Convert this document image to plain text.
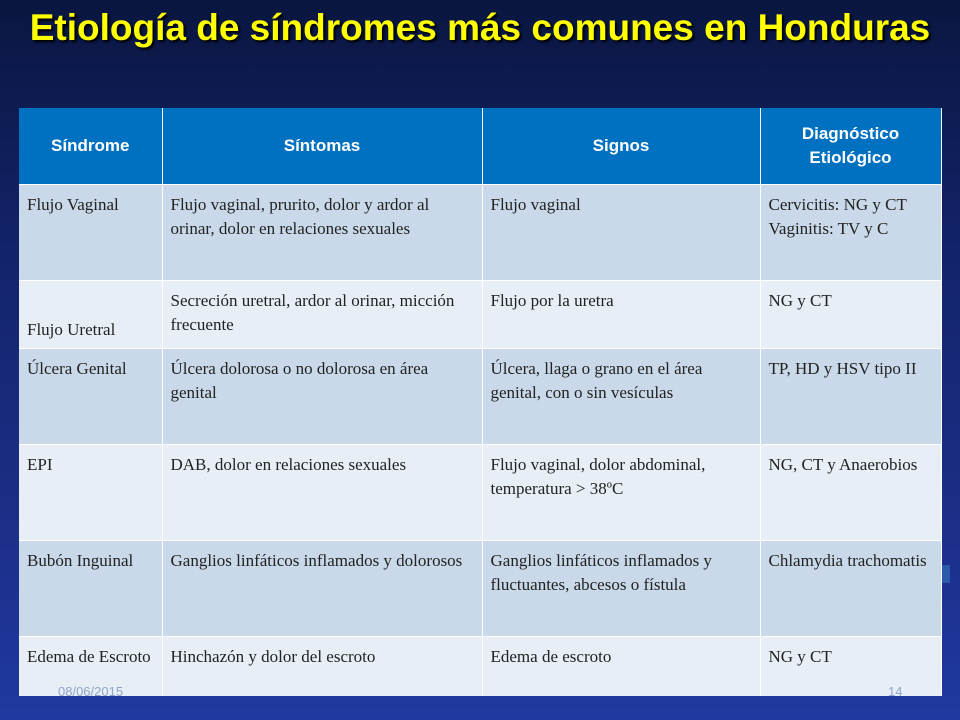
Etiología de síndromes más comunes en Honduras
Síndrome	Síntomas	Signos	Diagnóstico Etiológico
Flujo Vaginal	Flujo vaginal, prurito, dolor y ardor al orinar, dolor en relaciones sexuales	Flujo vaginal	Cervicitis: NG y CT
Vaginitis: TV y C
Flujo Uretral	Secreción uretral, ardor al orinar, micción frecuente	Flujo por la uretra	NG y CT
Úlcera Genital	Úlcera dolorosa o no dolorosa en área genital	Úlcera, llaga o grano en el área genital, con o sin vesículas	TP, HD y HSV tipo II
EPI	DAB, dolor en relaciones sexuales	Flujo vaginal, dolor abdominal, temperatura > 38ºC	NG, CT y Anaerobios
Bubón Inguinal	Ganglios linfáticos inflamados y dolorosos	Ganglios linfáticos inflamados y fluctuantes, abcesos o fístula	Chlamydia trachomatis
Edema de Escroto	Hinchazón y dolor del escroto	Edema de escroto	NG y CT
08/06/2015	14
